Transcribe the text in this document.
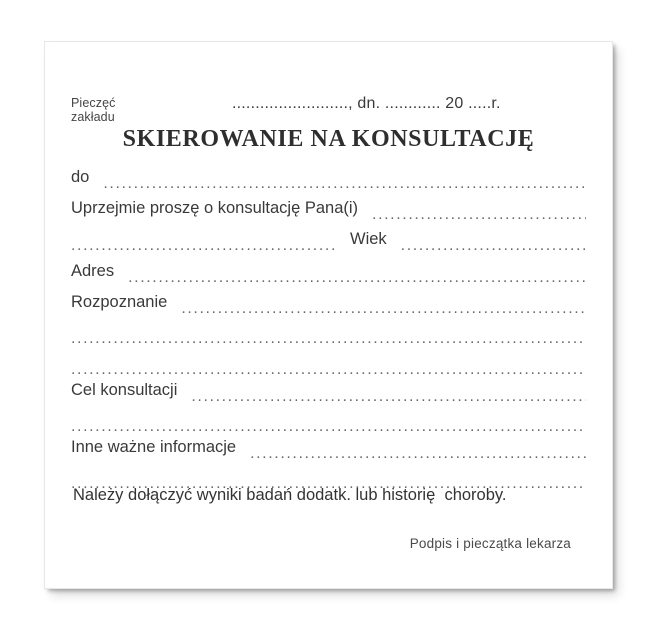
Pieczęć
zakładu
........................., dn. ............ 20 .....r.
SKIEROWANIE NA KONSULTACJĘ
do
.....
Uprzejmie proszę o konsultację Pana(i)
.....
.....
Wiek
.....
Adres
.....
Rozpoznanie
.....
.....
.....
Cel konsultacji
.....
.....
Inne ważne informacje
.....
.....
Należy dołączyć wyniki badań dodatk. lub historię  choroby.
Podpis i pieczątka lekarza
